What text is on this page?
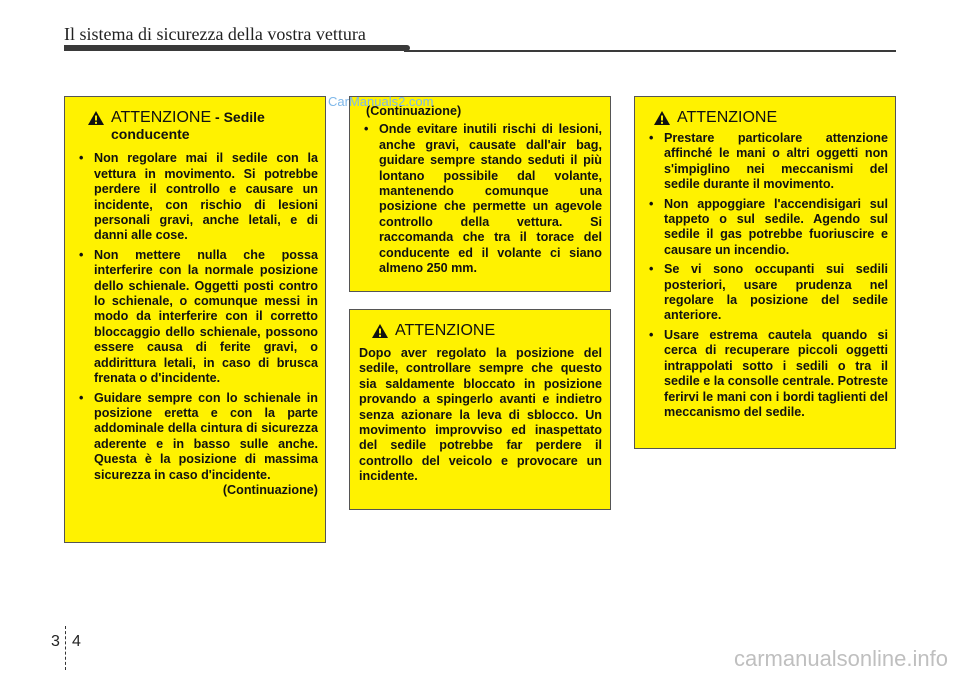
Il sistema di sicurezza della vostra vettura
ATTENZIONE - Sedile
conducente
• Non regolare mai il sedile con la vettura in movimento. Si potrebbe perdere il controllo e causare un incidente, con rischio di lesioni personali gravi, anche letali, e di danni alle cose.
• Non mettere nulla che possa interferire con la normale posizione dello schienale. Oggetti posti contro lo schienale, o comunque messi in modo da interferire con il corretto bloccaggio dello schienale, possono essere causa di ferite gravi, o addirittura letali, in caso di brusca frenata o d'incidente.
• Guidare sempre con lo schienale in posizione eretta e con la parte addominale della cintura di sicurezza aderente e in basso sulle anche. Questa è la posizione di massima sicurezza in caso d'incidente.
(Continuazione)
(Continuazione)
• Onde evitare inutili rischi di lesioni, anche gravi, causate dall'air bag, guidare sempre stando seduti il più lontano possibile dal volante, mantenendo comunque una posizione che permette un agevole controllo della vettura. Si raccomanda che tra il torace del conducente ed il volante ci siano almeno 250 mm.
ATTENZIONE
Dopo aver regolato la posizione del sedile, controllare sempre che questo sia saldamente bloccato in posizione provando a spingerlo avanti e indietro senza azionare la leva di sblocco. Un movimento improvviso ed inaspettato del sedile potrebbe far perdere il controllo del veicolo e provocare un incidente.
ATTENZIONE
• Prestare particolare attenzione affinché le mani o altri oggetti non s'impiglino nei meccanismi del sedile durante il movimento.
• Non appoggiare l'accendisigari sul tappeto o sul sedile. Agendo sul sedile il gas potrebbe fuoriuscire e causare un incendio.
• Se vi sono occupanti sui sedili posteriori, usare prudenza nel regolare la posizione del sedile anteriore.
• Usare estrema cautela quando si cerca di recuperare piccoli oggetti intrappolati sotto i sedili o tra il sedile e la consolle centrale. Potreste ferirvi le mani con i bordi taglienti del meccanismo del sedile.
CarManuals2.com
3 4
carmanualsonline.info
